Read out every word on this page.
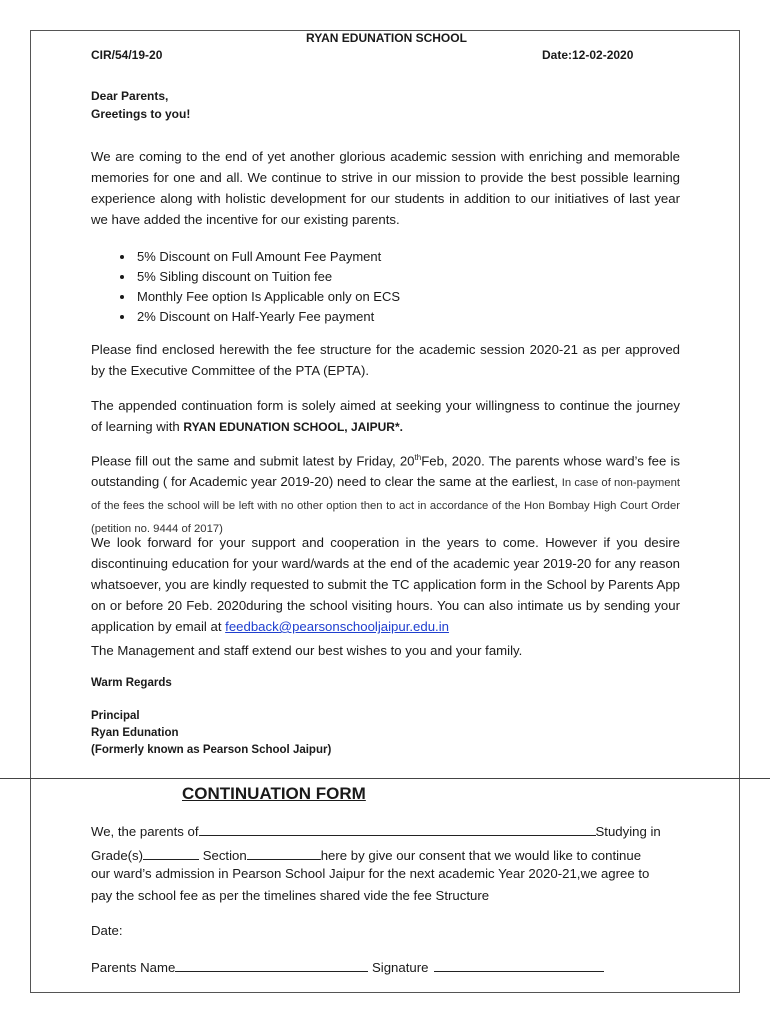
RYAN EDUNATION SCHOOL
CIR/54/19-20	Date:12-02-2020
Dear Parents,
Greetings to you!
We are coming to the end of yet another glorious academic session with enriching and memorable memories for one and all. We continue to strive in our mission to provide the best possible learning experience along with holistic development for our students in addition to our initiatives of last year we have added the incentive for our existing parents.
• 5% Discount on Full Amount Fee Payment
• 5% Sibling discount on Tuition fee
• Monthly Fee option Is Applicable only on ECS
• 2% Discount on Half-Yearly Fee payment
Please find enclosed herewith the fee structure for the academic session 2020-21 as per approved by the Executive Committee of the PTA (EPTA).
The appended continuation form is solely aimed at seeking your willingness to continue the journey of learning with RYAN EDUNATION SCHOOL, JAIPUR*.
Please fill out the same and submit latest by Friday, 20thFeb, 2020. The parents whose ward’s fee is outstanding ( for Academic year 2019-20) need to clear the same at the earliest, In case of non-payment of the fees the school will be left with no other option then to act in accordance of the Hon Bombay High Court Order (petition no. 9444 of 2017)
We look forward for your support and cooperation in the years to come. However if you desire discontinuing education for your ward/wards at the end of the academic year 2019-20 for any reason whatsoever, you are kindly requested to submit the TC application form in the School by Parents App on or before 20 Feb. 2020during the school visiting hours. You can also intimate us by sending your application by email at feedback@pearsonschooljaipur.edu.in
The Management and staff extend our best wishes to you and your family.
Warm Regards
Principal
Ryan Edunation
(Formerly known as Pearson School Jaipur)
CONTINUATION FORM
We, the parents of	Studying in
Grade(s)	Section	here by give our consent that we would like to continue
our ward’s admission in Pearson School Jaipur for the next academic Year 2020-21,we agree to
pay the school fee as per the timelines shared vide the fee Structure
Date:
Parents Name	Signature
